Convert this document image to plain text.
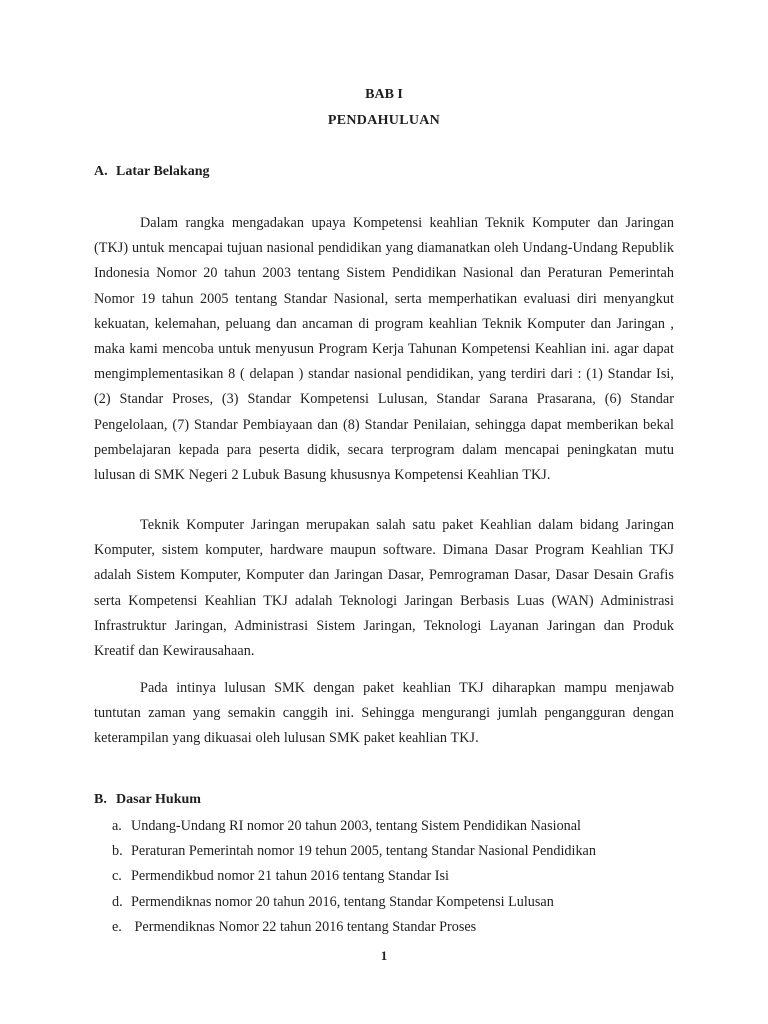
BAB I
PENDAHULUAN
A. Latar Belakang

Dalam rangka mengadakan upaya Kompetensi keahlian Teknik Komputer dan Jaringan (TKJ) untuk mencapai tujuan nasional pendidikan yang diamanatkan oleh Undang-Undang Republik Indonesia Nomor 20 tahun 2003 tentang Sistem Pendidikan Nasional dan Peraturan Pemerintah Nomor 19 tahun 2005 tentang Standar Nasional, serta memperhatikan evaluasi diri menyangkut kekuatan, kelemahan, peluang dan ancaman di program keahlian Teknik Komputer dan Jaringan , maka kami mencoba untuk menyusun Program Kerja Tahunan Kompetensi Keahlian ini. agar dapat mengimplementasikan 8 ( delapan ) standar nasional pendidikan, yang terdiri dari : (1) Standar Isi, (2) Standar Proses, (3) Standar Kompetensi Lulusan, Standar Sarana Prasarana, (6) Standar Pengelolaan, (7) Standar Pembiayaan dan (8) Standar Penilaian, sehingga dapat memberikan bekal pembelajaran kepada para peserta didik, secara terprogram dalam mencapai peningkatan mutu lulusan di SMK Negeri 2 Lubuk Basung khususnya Kompetensi Keahlian TKJ.

Teknik Komputer Jaringan merupakan salah satu paket Keahlian dalam bidang Jaringan Komputer, sistem komputer, hardware maupun software. Dimana Dasar Program Keahlian TKJ adalah Sistem Komputer, Komputer dan Jaringan Dasar, Pemrograman Dasar, Dasar Desain Grafis serta Kompetensi Keahlian TKJ adalah Teknologi Jaringan Berbasis Luas (WAN) Administrasi Infrastruktur Jaringan, Administrasi Sistem Jaringan, Teknologi Layanan Jaringan dan Produk Kreatif dan Kewirausahaan.

Pada intinya lulusan SMK dengan paket keahlian TKJ diharapkan mampu menjawab tuntutan zaman yang semakin canggih ini. Sehingga mengurangi jumlah pengangguran dengan keterampilan yang dikuasai oleh lulusan SMK paket keahlian TKJ.

B. Dasar Hukum
a. Undang-Undang RI nomor 20 tahun 2003, tentang Sistem Pendidikan Nasional
b. Peraturan Pemerintah nomor 19 tehun 2005, tentang Standar Nasional Pendidikan
c. Permendikbud nomor 21 tahun 2016 tentang Standar Isi
d. Permendiknas nomor 20 tahun 2016, tentang Standar Kompetensi Lulusan
e. Permendiknas Nomor 22 tahun 2016 tentang Standar Proses
1
